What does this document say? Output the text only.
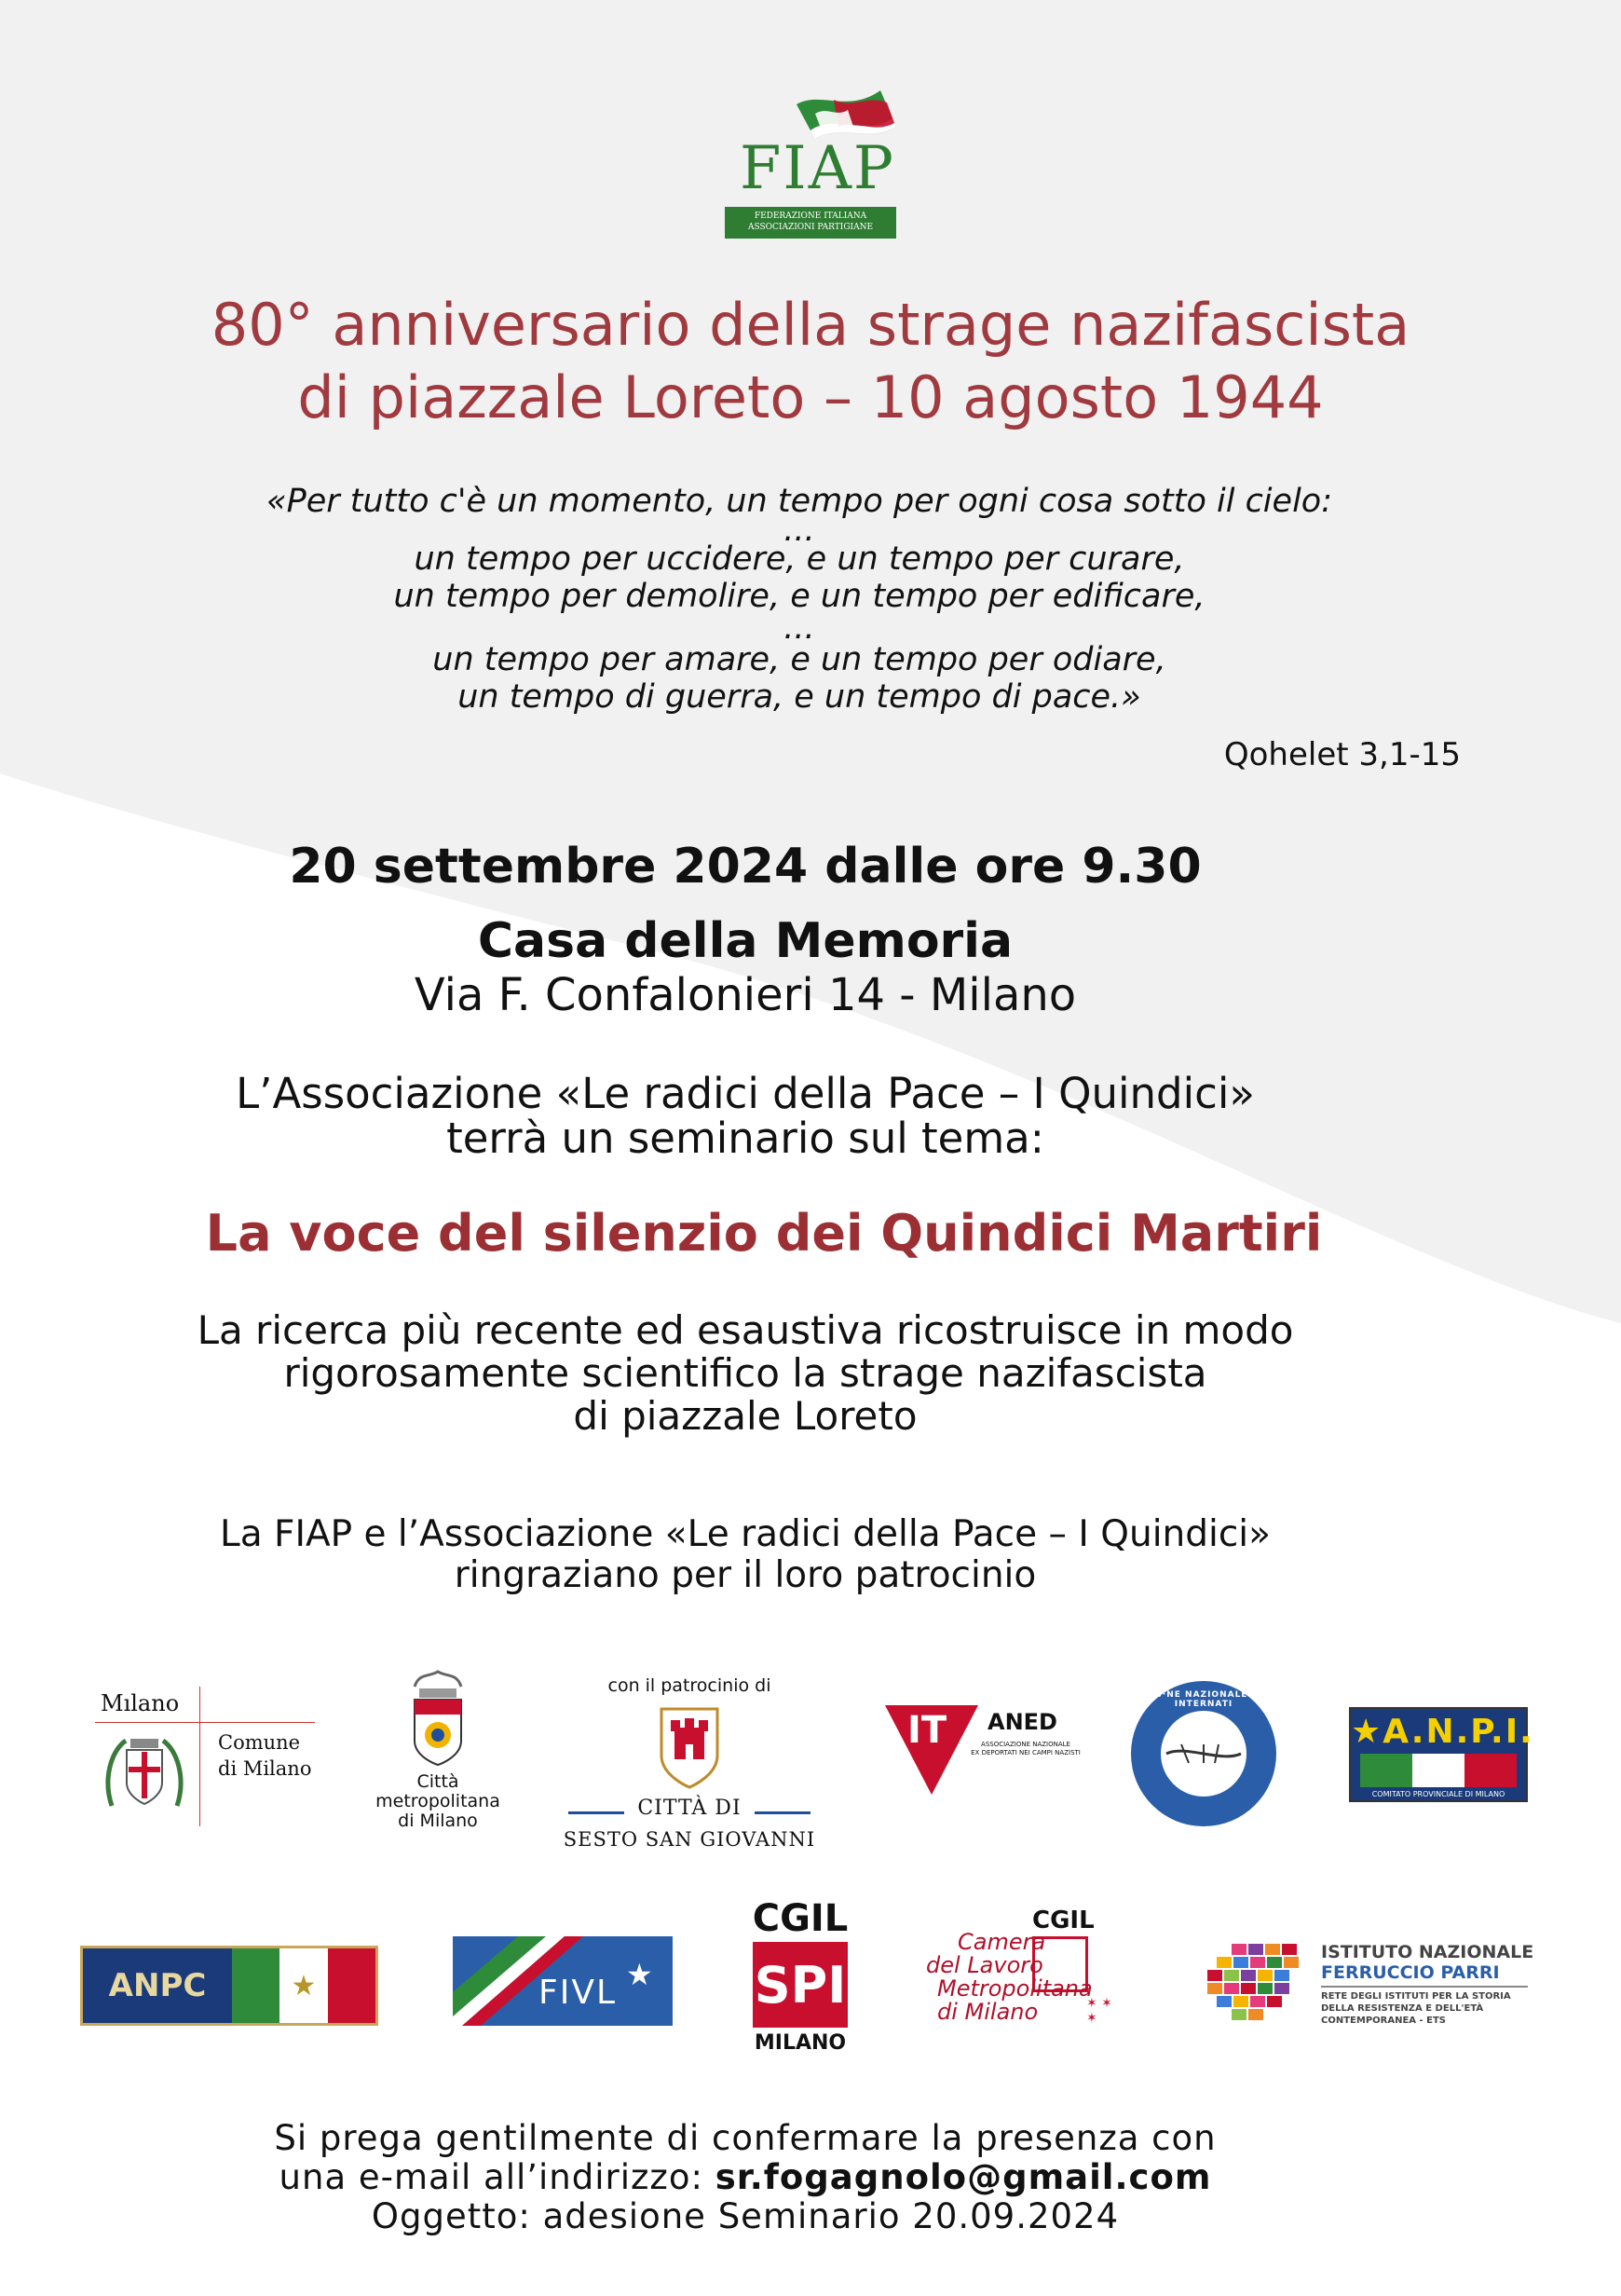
FIAP
FEDERAZIONE ITALIANA
ASSOCIAZIONI PARTIGIANE
80° anniversario della strage nazifascista
di piazzale Loreto – 10 agosto 1944
«Per tutto c'è un momento, un tempo per ogni cosa sotto il cielo:
...
un tempo per uccidere, e un tempo per curare,
un tempo per demolire, e un tempo per edificare,
...
un tempo per amare, e un tempo per odiare,
un tempo di guerra, e un tempo di pace.»
Qohelet 3,1-15
20 settembre 2024 dalle ore 9.30
Casa della Memoria
Via F. Confalonieri 14 - Milano
L’Associazione «Le radici della Pace – I Quindici»
terrà un seminario sul tema:
La voce del silenzio dei Quindici Martiri
La ricerca più recente ed esaustiva ricostruisce in modo
rigorosamente scientifico la strage nazifascista
di piazzale Loreto
La FIAP e l’Associazione «Le radici della Pace – I Quindici»
ringraziano per il loro patrocinio
Mılano
Comune
di Milano
Città
metropolitana
di Milano
con il patrocinio di
CITTÀ DI
SESTO SAN GIOVANNI
IT ANED
ASSOCIAZIONE NAZIONALE
EX DEPORTATI NEI CAMPI NAZISTI
ASS·NE NAZIONALE EX INTERNATI
★A.N.P.I.
COMITATO PROVINCIALE DI MILANO
ANPC	★	FIVL ★
CGIL
SPI
MILANO
CGIL
Camera
del Lavoro
Metropolitana
di Milano	✶ ✶
✶
ISTITUTO NAZIONALE
FERRUCCIO PARRI
RETE DEGLI ISTITUTI PER LA STORIA
DELLA RESISTENZA E DELL'ETÀ
CONTEMPORANEA - ETS
Si prega gentilmente di confermare la presenza con
una e-mail all’indirizzo: sr.fogagnolo@gmail.com
Oggetto: adesione Seminario 20.09.2024
